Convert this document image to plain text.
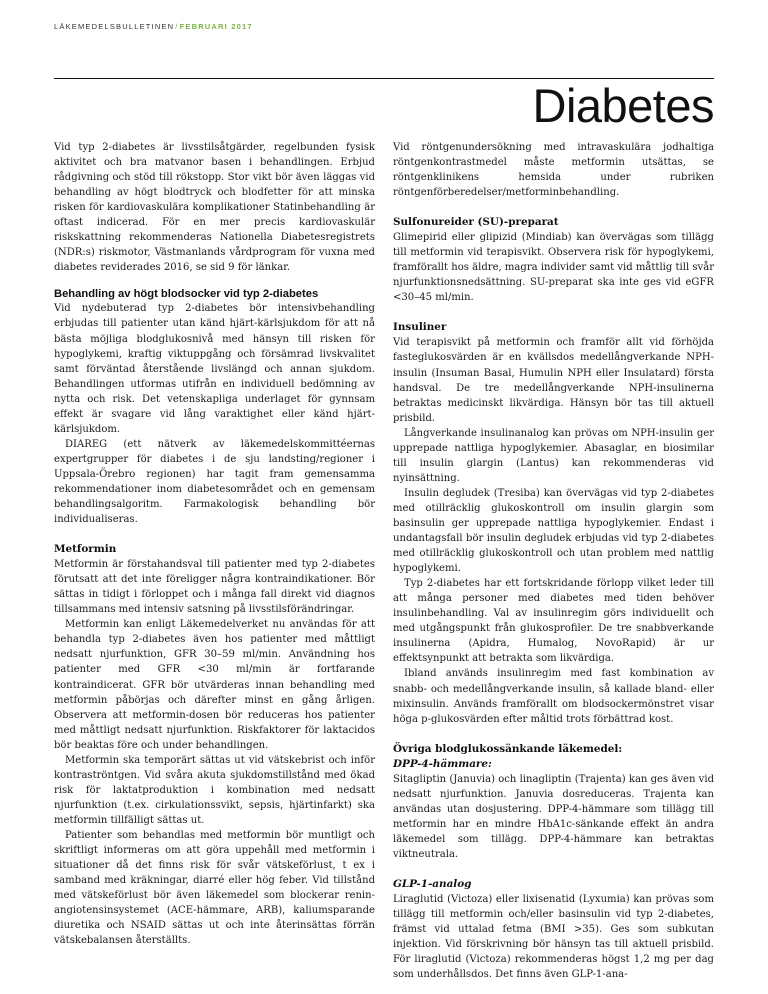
LÄKEMEDELSBULLETINEN/FEBRUARI 2017
Diabetes

Vid typ 2-diabetes är livsstilsåtgärder, regelbunden fysisk aktivitet och bra matvanor basen i behandlingen. Erbjud rådgivning och stöd till rökstopp. Stor vikt bör även läggas vid behandling av högt blodtryck och blodfetter för att minska risken för kardiovaskulära komplikationer Statinbehandling är oftast indicerad. För en mer precis kardiovaskulär riskskattning rekommenderas Nationella Diabetesregistrets (NDR:s) riskmotor, Västmanlands vårdprogram för vuxna med diabetes reviderades 2016, se sid 9 för länkar.

Behandling av högt blodsocker vid typ 2-diabetes

Vid nydebuterad typ 2-diabetes bör intensivbehandling erbjudas till patienter utan känd hjärt-kärlsjukdom för att nå bästa möjliga blodglukosnivå med hänsyn till risken för hypoglykemi, kraftig viktuppgång och försämrad livskvalitet samt förväntad återstående livslängd och annan sjukdom. Behandlingen utformas utifrån en individuell bedömning av nytta och risk. Det vetenskapliga underlaget för gynnsam effekt är svagare vid lång varaktighet eller känd hjärt-kärlsjukdom.

DIAREG (ett nätverk av läkemedelskommittéernas expertgrupper för diabetes i de sju landsting/regioner i Uppsala-Örebro regionen) har tagit fram gemensamma rekommendationer inom diabetesområdet och en gemensam behandlingsalgoritm. Farmakologisk behandling bör individualiseras.

Metformin

Metformin är förstahandsval till patienter med typ 2-diabetes förutsatt att det inte föreligger några kontraindikationer. Bör sättas in tidigt i förloppet och i många fall direkt vid diagnos tillsammans med intensiv satsning på livsstilsförändringar.

Metformin kan enligt Läkemedelverket nu användas för att behandla typ 2-diabetes även hos patienter med måttligt nedsatt njurfunktion, GFR 30–59 ml/min. Användning hos patienter med GFR <30 ml/min är fortfarande kontraindicerat. GFR bör utvärderas innan behandling med metformin påbörjas och därefter minst en gång årligen. Observera att metformin-dosen bör reduceras hos patienter med måttligt nedsatt njurfunktion. Riskfaktorer för laktacidos bör beaktas före och under behandlingen.

Metformin ska temporärt sättas ut vid vätskebrist och inför kontraströntgen. Vid svåra akuta sjukdomstillstånd med ökad risk för laktatproduktion i kombination med nedsatt njurfunktion (t.ex. cirkulationssvikt, sepsis, hjärtinfarkt) ska metformin tillfälligt sättas ut.

Patienter som behandlas med metformin bör muntligt och skriftligt informeras om att göra uppehåll med metformin i situationer då det finns risk för svår vätskeförlust, t ex i samband med kräkningar, diarré eller hög feber. Vid tillstånd med vätskeförlust bör även läkemedel som blockerar renin-angiotensinsystemet (ACE-hämmare, ARB), kaliumsparande diuretika och NSAID sättas ut och inte återinsättas förrän vätskebalansen återställts.

Vid röntgenundersökning med intravaskulära jodhaltiga röntgenkontrastmedel måste metformin utsättas, se röntgenklinikens hemsida under rubriken röntgenförberedelser/metforminbehandling.

Sulfonureider (SU)-preparat

Glimepirid eller glipizid (Mindiab) kan övervägas som tillägg till metformin vid terapisvikt. Observera risk för hypoglykemi, framförallt hos äldre, magra individer samt vid måttlig till svår njurfunktionsnedsättning. SU-preparat ska inte ges vid eGFR <30–45 ml/min.

Insuliner

Vid terapisvikt på metformin och framför allt vid förhöjda fasteglukosvärden är en kvällsdos medellångverkande NPH-insulin (Insuman Basal, Humulin NPH eller Insulatard) första handsval. De tre medellångverkande NPH-insulinerna betraktas medicinskt likvärdiga. Hänsyn bör tas till aktuell prisbild.

Långverkande insulinanalog kan prövas om NPH-insulin ger upprepade nattliga hypoglykemier. Abasaglar, en biosimilar till insulin glargin (Lantus) kan rekommenderas vid nyinsättning.

Insulin degludek (Tresiba) kan övervägas vid typ 2-diabetes med otillräcklig glukoskontroll om insulin glargin som basinsulin ger upprepade nattliga hypoglykemier. Endast i undantagsfall bör insulin degludek erbjudas vid typ 2-diabetes med otillräcklig glukoskontroll och utan problem med nattlig hypoglykemi.

Typ 2-diabetes har ett fortskridande förlopp vilket leder till att många personer med diabetes med tiden behöver insulinbehandling. Val av insulinregim görs individuellt och med utgångspunkt från glukosprofiler. De tre snabbverkande insulinerna (Apidra, Humalog, NovoRapid) är ur effektsynpunkt att betrakta som likvärdiga.

Ibland används insulinregim med fast kombination av snabb- och medellångverkande insulin, så kallade bland- eller mixinsulin. Används framförallt om blodsockermönstret visar höga p-glukosvärden efter måltid trots förbättrad kost.

Övriga blodglukossänkande läkemedel:
DPP-4-hämmare:

Sitagliptin (Januvia) och linagliptin (Trajenta) kan ges även vid nedsatt njurfunktion. Januvia dosreduceras. Trajenta kan användas utan dosjustering. DPP-4-hämmare som tillägg till metformin har en mindre HbA1c-sänkande effekt än andra läkemedel som tillägg. DPP-4-hämmare kan betraktas viktneutrala.

GLP-1-analog

Liraglutid (Victoza) eller lixisenatid (Lyxumia) kan prövas som tillägg till metformin och/eller basinsulin vid typ 2-diabetes, främst vid uttalad fetma (BMI >35). Ges som subkutan injektion. Vid förskrivning bör hänsyn tas till aktuell prisbild. För liraglutid (Victoza) rekommenderas högst 1,2 mg per dag som underhållsdos. Det finns även GLP-1-ana-
